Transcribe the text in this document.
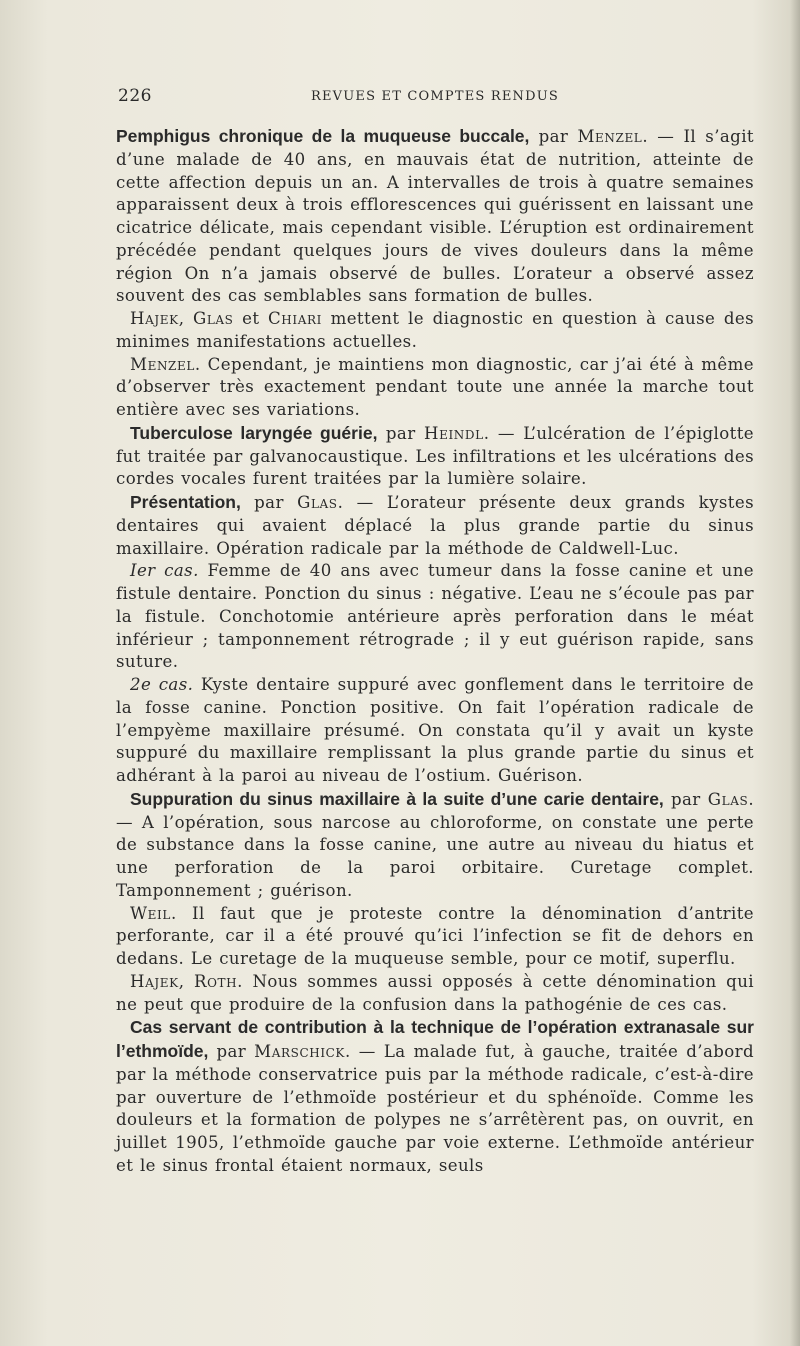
226	REVUES ET COMPTES RENDUS

Pemphigus chronique de la muqueuse buccale, par Menzel. — Il s’agit d’une malade de 40 ans, en mauvais état de nutrition, atteinte de cette affection depuis un an. A intervalles de trois à quatre semaines apparaissent deux à trois efflorescences qui guérissent en laissant une cicatrice délicate, mais cependant visible. L’éruption est ordinairement précédée pendant quelques jours de vives douleurs dans la même région On n’a jamais observé de bulles. L’orateur a observé assez souvent des cas semblables sans formation de bulles.

Hajek, Glas et Chiari mettent le diagnostic en question à cause des minimes manifestations actuelles.

Menzel. Cependant, je maintiens mon diagnostic, car j’ai été à même d’observer très exactement pendant toute une année la marche tout entière avec ses variations.

Tuberculose laryngée guérie, par Heindl. — L’ulcération de l’épiglotte fut traitée par galvanocaustique. Les infiltrations et les ulcérations des cordes vocales furent traitées par la lumière solaire.

Présentation, par Glas. — L’orateur présente deux grands kystes dentaires qui avaient déplacé la plus grande partie du sinus maxillaire. Opération radicale par la méthode de Caldwell-Luc.

Ier cas. Femme de 40 ans avec tumeur dans la fosse canine et une fistule dentaire. Ponction du sinus : négative. L’eau ne s’écoule pas par la fistule. Conchotomie antérieure après perforation dans le méat inférieur ; tamponnement rétrograde ; il y eut guérison rapide, sans suture.

2e cas. Kyste dentaire suppuré avec gonflement dans le territoire de la fosse canine. Ponction positive. On fait l’opération radicale de l’empyème maxillaire présumé. On constata qu’il y avait un kyste suppuré du maxillaire remplissant la plus grande partie du sinus et adhérant à la paroi au niveau de l’ostium. Guérison.

Suppuration du sinus maxillaire à la suite d’une carie dentaire, par Glas. — A l’opération, sous narcose au chloroforme, on constate une perte de substance dans la fosse canine, une autre au niveau du hiatus et une perforation de la paroi orbitaire. Curetage complet. Tamponnement ; guérison.

Weil. Il faut que je proteste contre la dénomination d’antrite perforante, car il a été prouvé qu’ici l’infection se fit de dehors en dedans. Le curetage de la muqueuse semble, pour ce motif, superflu.

Hajek, Roth. Nous sommes aussi opposés à cette dénomination qui ne peut que produire de la confusion dans la pathogénie de ces cas.

Cas servant de contribution à la technique de l’opération extranasale sur l’ethmoïde, par Marschick. — La malade fut, à gauche, traitée d’abord par la méthode conservatrice puis par la méthode radicale, c’est-à-dire par ouverture de l’ethmoïde postérieur et du sphénoïde. Comme les douleurs et la formation de polypes ne s’arrêtèrent pas, on ouvrit, en juillet 1905, l’ethmoïde gauche par voie externe. L’ethmoïde antérieur et le sinus frontal étaient normaux, seuls
